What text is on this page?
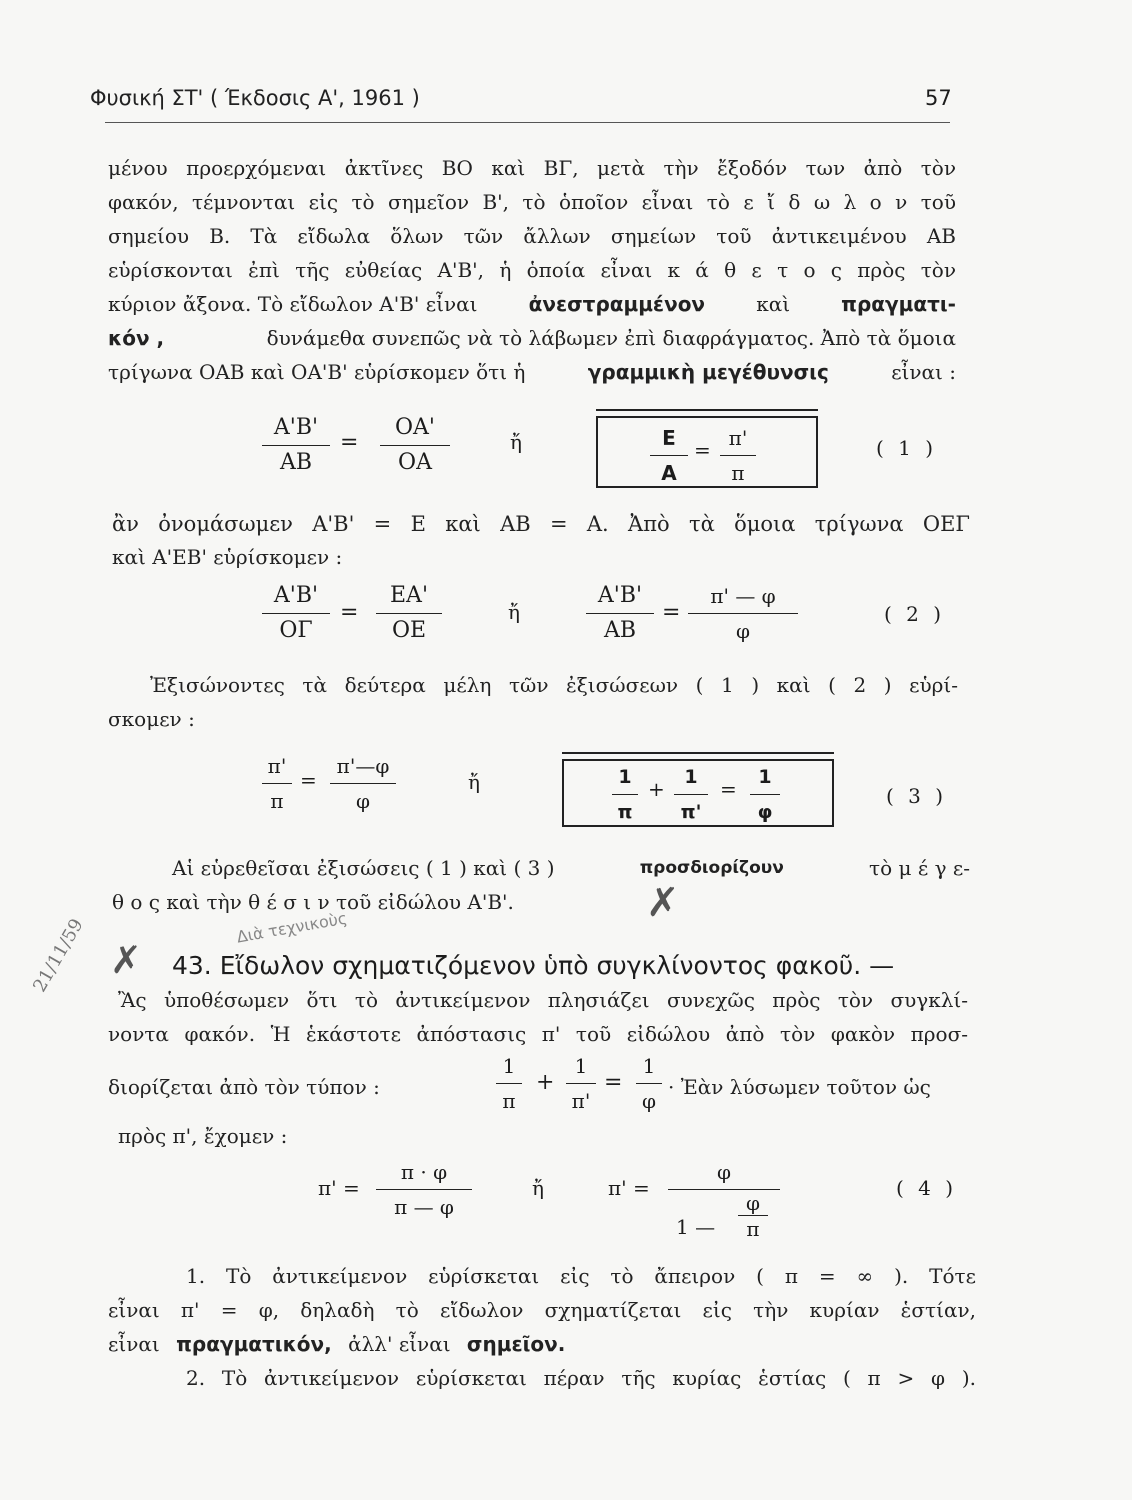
Φυσική ΣΤ' ( Έκδοσις Α', 1961 )	57
μένου προερχόμεναι ἀκτῖνες ΒΟ καὶ ΒΓ, μετὰ τὴν ἔξοδόν των ἀπὸ τὸν
φακόν, τέμνονται εἰς τὸ σημεῖον Β', τὸ ὁποῖον εἶναι τὸ ε ἴ δ ω λ ο ν τοῦ
σημείου Β. Τὰ εἴδωλα ὅλων τῶν ἄλλων σημείων τοῦ ἀντικειμένου ΑΒ
εὑρίσκονται ἐπὶ τῆς εὐθείας Α'Β', ἡ ὁποία εἶναι κ ά θ ε τ ο ς πρὸς τὸν
κύριον ἄξονα. Τὸ εἴδωλον Α'Β' εἶναι	ἀνεστραμμένον	καὶ	πραγματι-
κόν ,	δυνάμεθα συνεπῶς νὰ τὸ λάβωμεν ἐπὶ διαφράγματος. Ἀπὸ τὰ ὅμοια
τρίγωνα ΟΑΒ καὶ ΟΑ'Β' εὑρίσκομεν ὅτι ἡ	γραμμικὴ μεγέθυνσις	εἶναι :
Α'Β'
ΑΒ
=
ΟΑ'
ΟΑ
ἤ	Ε
Α
= π'
π
( 1 )
ἂν ὀνομάσωμεν Α'Β' = Ε καὶ ΑΒ = Α. Ἀπὸ τὰ ὅμοια τρίγωνα ΟΕΓ
καὶ Α'ΕΒ' εὑρίσκομεν :
Α'Β'
ΟΓ
=
ΕΑ'
ΟΕ
ἤ
Α'Β'
ΑΒ
=
π' — φ
φ
( 2 )
Ἐξισώνοντες τὰ δεύτερα μέλη τῶν ἐξισώσεων ( 1 ) καὶ ( 2 ) εὑρί-
σκομεν :
π'
π
=
π'—φ
φ
ἤ	1
π
+	1
π'
=	1
φ
( 3 )
Αἱ εὑρεθεῖσαι ἐξισώσεις ( 1 ) καὶ ( 3 )	προσδιορίζουν	τὸ μ έ γ ε-
θ ο ς καὶ τὴν θ έ σ ι ν τοῦ εἰδώλου Α'Β'.
21/11/59	Διὰ τεχνικοὺς
✗
✗
43. Εἴδωλον σχηματιζόμενον ὑπὸ συγκλίνοντος φακοῦ. —
Ἂς ὑποθέσωμεν ὅτι τὸ ἀντικείμενον πλησιάζει συνεχῶς πρὸς τὸν συγκλί-
νοντα φακόν. Ἡ ἑκάστοτε ἀπόστασις π' τοῦ εἰδώλου ἀπὸ τὸν φακὸν προσ-
διορίζεται ἀπὸ τὸν τύπον :
1
π
+
1
π'
=
1
φ
· Ἐὰν λύσωμεν τοῦτον ὡς
πρὸς π', ἔχομεν :
π' =
π · φ
π — φ
ἤ	π' =
φ
1 —
φ
π
( 4 )
1. Τὸ ἀντικείμενον εὑρίσκεται εἰς τὸ ἄπειρον ( π = ∞ ). Τότε
εἶναι π' = φ, δηλαδὴ τὸ εἴδωλον σχηματίζεται εἰς τὴν κυρίαν ἑστίαν,
εἶναι πραγματικόν, ἀλλ' εἶναι σημεῖον.
2. Τὸ ἀντικείμενον εὑρίσκεται πέραν τῆς κυρίας ἑστίας ( π > φ ).
